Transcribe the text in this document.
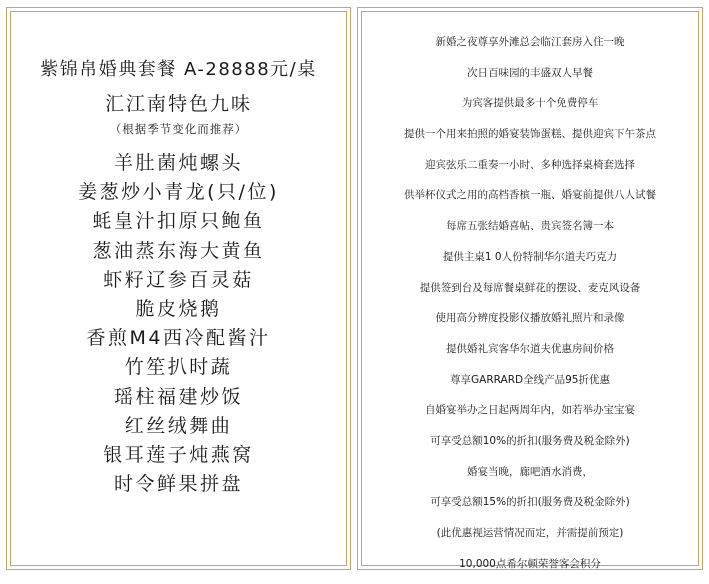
紫锦帛婚典套餐 A-28888元/桌
汇江南特色九味
（根据季节变化而推荐）
羊肚菌炖螺头
姜葱炒小青龙(只/位)
蚝皇汁扣原只鲍鱼
葱油蒸东海大黄鱼
虾籽辽参百灵菇
脆皮烧鹅
香煎M4西冷配酱汁
竹笙扒时蔬
瑶柱福建炒饭
红丝绒舞曲
银耳莲子炖燕窝
时令鲜果拼盘
新婚之夜尊享外滩总会临江套房入住一晚
次日百味园的丰盛双人早餐
为宾客提供最多十个免费停车
提供一个用来拍照的婚宴装饰蛋糕、提供迎宾下午茶点
迎宾弦乐二重奏一小时、多种选择桌椅套选择
供举杯仪式之用的高档香槟一瓶、婚宴前提供八人试餐
每席五张结婚喜帖、贵宾签名簿一本
提供主桌1 0人份特制华尔道夫巧克力
提供签到台及每席餐桌鲜花的摆设、麦克风设备
使用高分辨度投影仪播放婚礼照片和录像
提供婚礼宾客华尔道夫优惠房间价格
尊享GARRARD全线产品95折优惠
自婚宴举办之日起两周年内，如若举办宝宝宴
可享受总额10%的折扣(服务费及税金除外)
婚宴当晚，廊吧酒水消费，
可享受总额15%的折扣(服务费及税金除外)
(此优惠视运营情况而定，并需提前预定)
10,000点希尔顿荣誉客会积分
